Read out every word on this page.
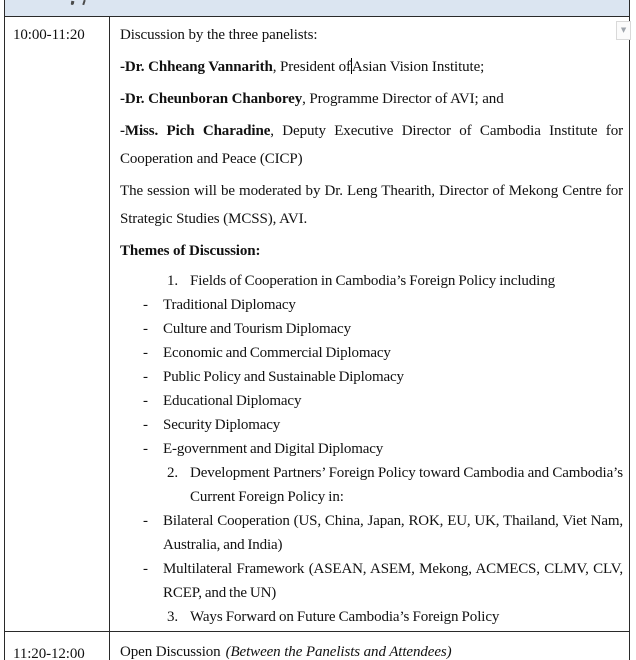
10:00-11:20	Discussion by the three panelists:

-Dr. Chheang Vannarith, President ofAsian Vision Institute;

-Dr. Cheunboran Chanborey, Programme Director of AVI; and

-Miss. Pich Charadine, Deputy Executive Director of Cambodia Institute for Cooperation and Peace (CICP)

The session will be moderated by Dr. Leng Thearith, Director of Mekong Centre for Strategic Studies (MCSS), AVI.

Themes of Discussion:

1. Fields of Cooperation in Cambodia’s Foreign Policy including
-	Traditional Diplomacy
-	Culture and Tourism Diplomacy
-	Economic and Commercial Diplomacy
-	Public Policy and Sustainable Diplomacy
-	Educational Diplomacy
-	Security Diplomacy
-	E-government and Digital Diplomacy
2. Development Partners’ Foreign Policy toward Cambodia and Cambodia’s Current Foreign Policy in:
-	Bilateral Cooperation (US, China, Japan, ROK, EU, UK, Thailand, Viet Nam, Australia, and India)
-	Multilateral Framework (ASEAN, ASEM, Mekong, ACMECS, CLMV, CLV, RCEP, and the UN)
3. Ways Forward on Future Cambodia’s Foreign Policy
11:20-12:00	Open Discussion (Between the Panelists and Attendees)
▼
